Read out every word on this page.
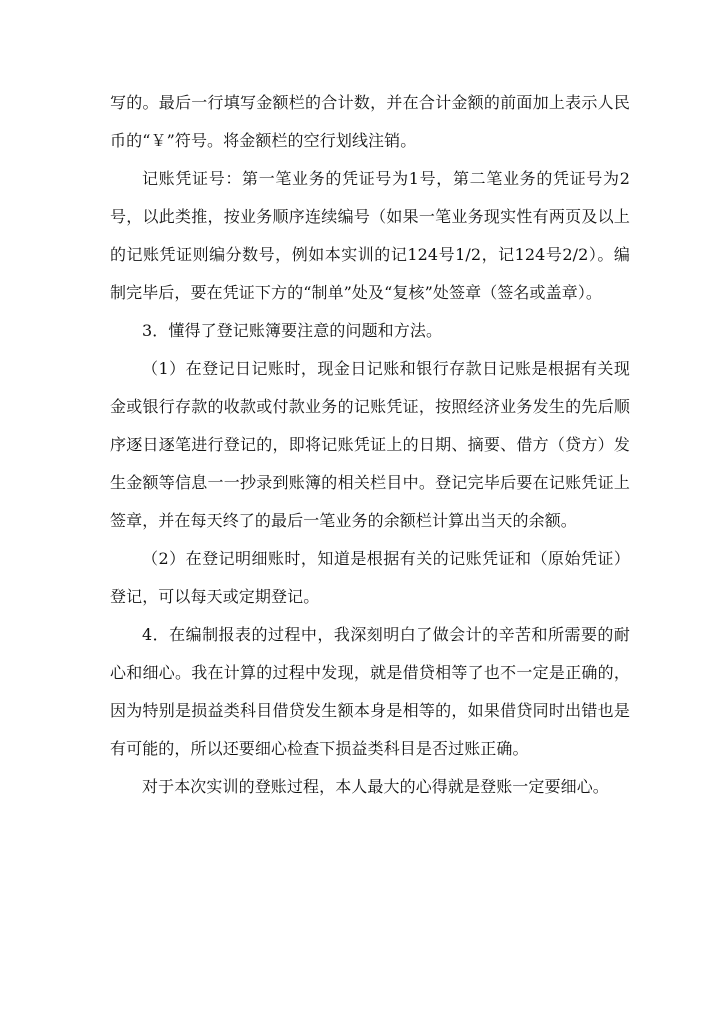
写的。最后一行填写金额栏的合计数，并在合计金额的前面加上表示人民币的“￥”符号。将金额栏的空行划线注销。

记账凭证号：第一笔业务的凭证号为1号，第二笔业务的凭证号为2号，以此类推，按业务顺序连续编号（如果一笔业务现实性有两页及以上的记账凭证则编分数号，例如本实训的记124号1/2，记124号2/2）。编制完毕后，要在凭证下方的“制单”处及“复核”处签章（签名或盖章）。

3．懂得了登记账簿要注意的问题和方法。

（1）在登记日记账时，现金日记账和银行存款日记账是根据有关现金或银行存款的收款或付款业务的记账凭证，按照经济业务发生的先后顺序逐日逐笔进行登记的，即将记账凭证上的日期、摘要、借方（贷方）发生金额等信息一一抄录到账簿的相关栏目中。登记完毕后要在记账凭证上签章，并在每天终了的最后一笔业务的余额栏计算出当天的余额。

（2）在登记明细账时，知道是根据有关的记账凭证和（原始凭证）登记，可以每天或定期登记。

4．在编制报表的过程中，我深刻明白了做会计的辛苦和所需要的耐心和细心。我在计算的过程中发现，就是借贷相等了也不一定是正确的，因为特别是损益类科目借贷发生额本身是相等的，如果借贷同时出错也是有可能的，所以还要细心检查下损益类科目是否过账正确。

对于本次实训的登账过程，本人最大的心得就是登账一定要细心。
